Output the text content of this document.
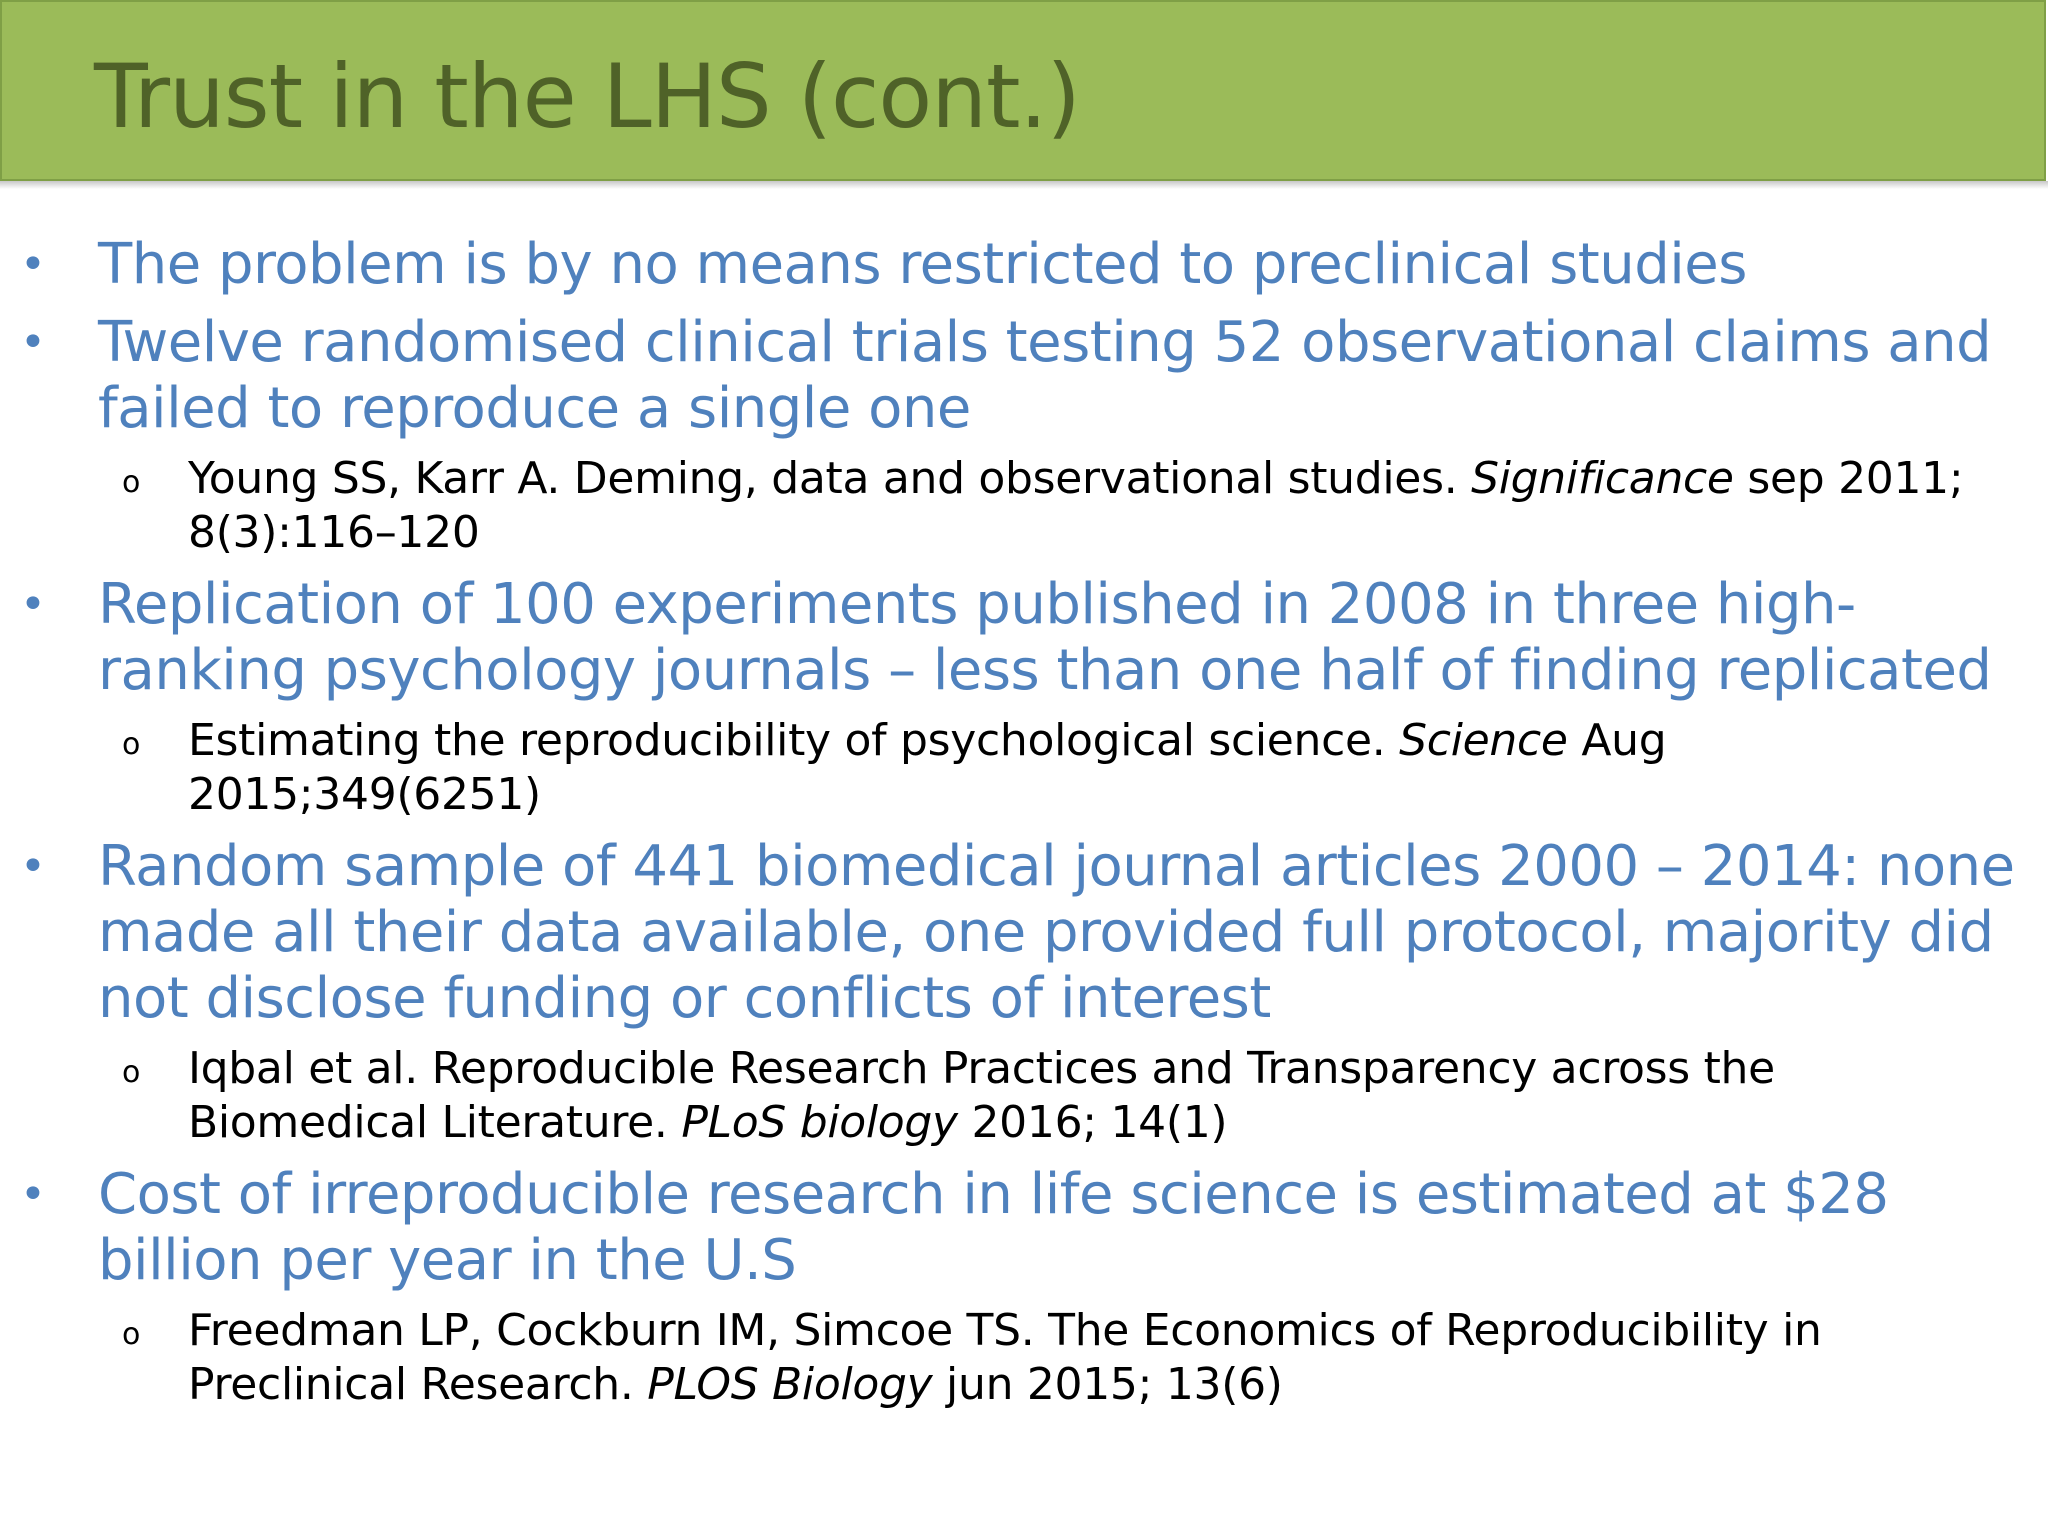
Trust in the LHS (cont.)
• The problem is by no means restricted to preclinical studies
• Twelve randomised clinical trials testing 52 observational claims and failed to reproduce a single one
o Young SS, Karr A. Deming, data and observational studies. Significance sep 2011; 8(3):116–120
• Replication of 100 experiments published in 2008 in three high-ranking psychology journals – less than one half of finding replicated
o Estimating the reproducibility of psychological science. Science Aug 2015;349(6251)
• Random sample of 441 biomedical journal articles 2000 – 2014: none made all their data available, one provided full protocol, majority did not disclose funding or conflicts of interest
o Iqbal et al. Reproducible Research Practices and Transparency across the Biomedical Literature. PLoS biology 2016; 14(1)
• Cost of irreproducible research in life science is estimated at $28 billion per year in the U.S
o Freedman LP, Cockburn IM, Simcoe TS. The Economics of Reproducibility in Preclinical Research. PLOS Biology jun 2015; 13(6)
